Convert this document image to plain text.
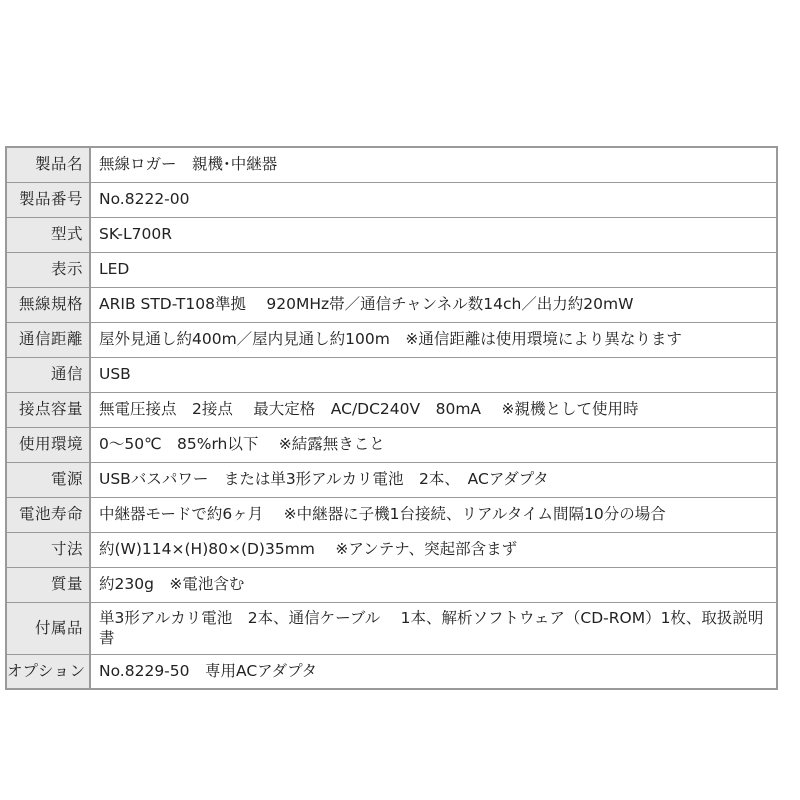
製品名	無線ロガー　親機･中継器
製品番号	No.8222-00
型式	SK-L700R
表示	LED
無線規格	ARIB STD-T108準拠　 920MHz帯／通信チャンネル数14ch／出力約20mW
通信距離	屋外見通し約400m／屋内見通し約100m　※通信距離は使用環境により異なります
通信	USB
接点容量	無電圧接点　2接点　 最大定格　AC/DC240V　80mA　 ※親機として使用時
使用環境	0～50℃　85%rh以下　 ※結露無きこと
電源	USBバスパワー　または単3形アルカリ電池　2本、　ACアダプタ
電池寿命	中継器モードで約6ヶ月　 ※中継器に子機1台接続、リアルタイム間隔10分の場合
寸法	約(W)114×(H)80×(D)35mm　 ※アンテナ、突起部含まず
質量	約230g　※電池含む
付属品	単3形アルカリ電池　2本、通信ケーブル　 1本、解析ソフトウェア（CD-ROM）1枚、取扱説明書
オプション	No.8229-50　専用ACアダプタ
